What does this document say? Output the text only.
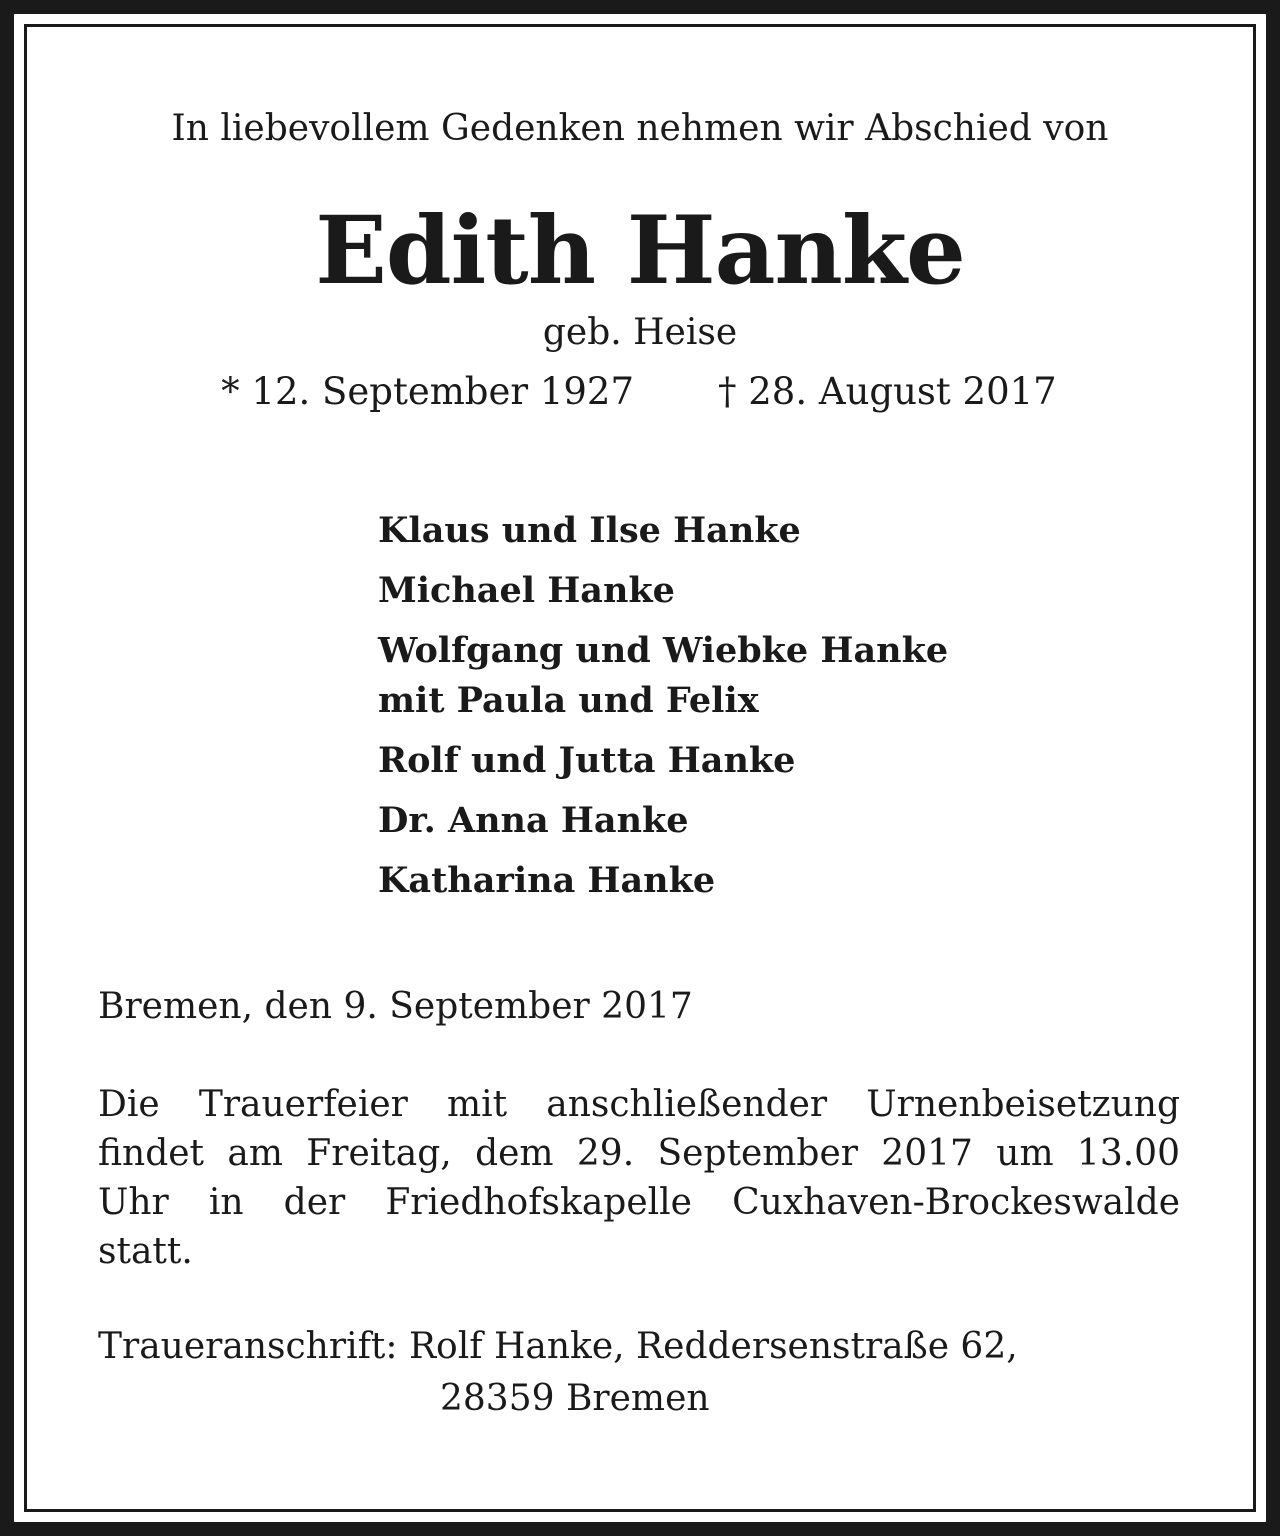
In liebevollem Gedenken nehmen wir Abschied von
Edith Hanke
geb. Heise
* 12. September 1927 † 28. August 2017
Klaus und Ilse Hanke
Michael Hanke
Wolfgang und Wiebke Hanke
mit Paula und Felix
Rolf und Jutta Hanke
Dr. Anna Hanke
Katharina Hanke
Bremen, den 9. September 2017
Die Trauerfeier mit anschließender Urnenbeisetzung
findet am Freitag, dem 29. September 2017 um 13.00
Uhr in der Friedhofskapelle Cuxhaven-Brockeswalde
statt.
Traueranschrift: Rolf Hanke, Reddersenstraße 62,
28359 Bremen
